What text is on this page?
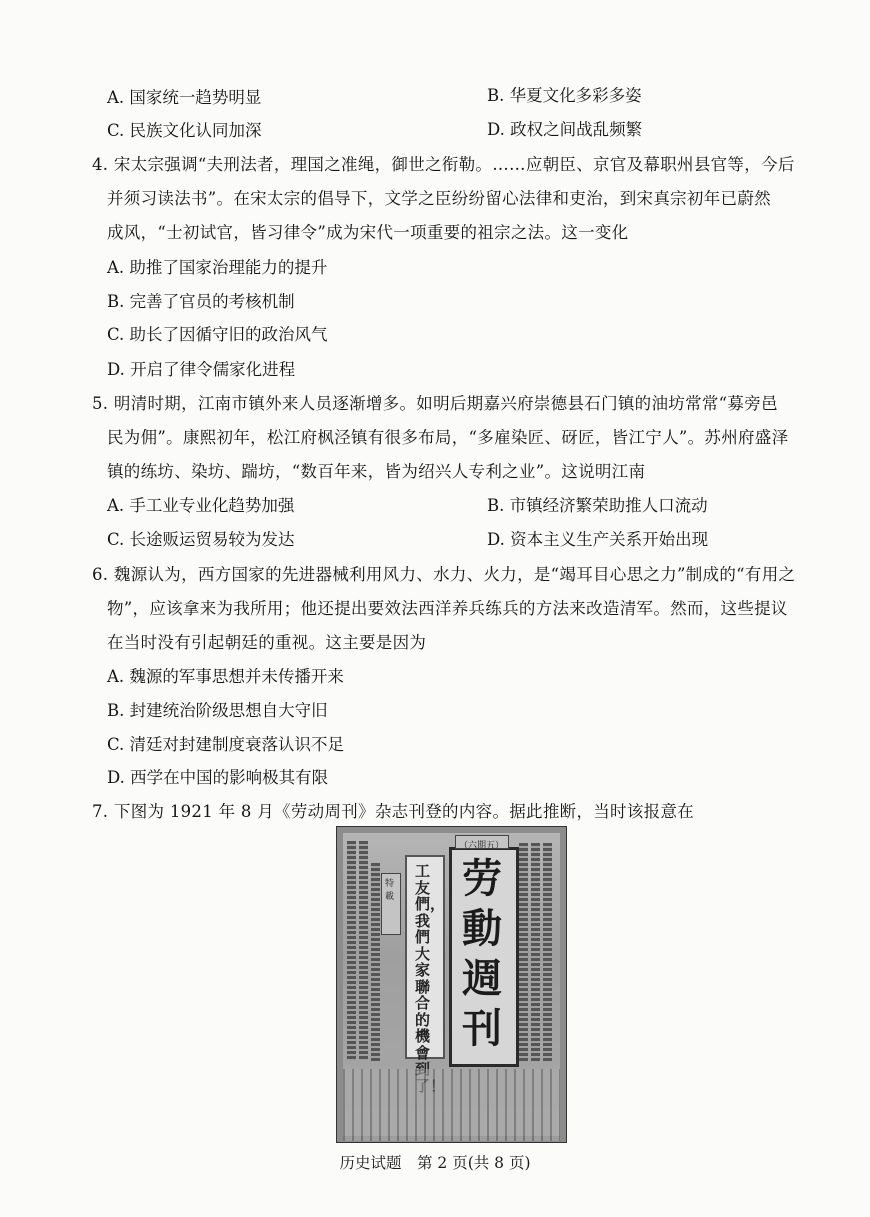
A. 国家统一趋势明显	B. 华夏文化多彩多姿
C. 民族文化认同加深	D. 政权之间战乱频繁
4. 宋太宗强调“夫刑法者，理国之准绳，御世之衔勒。……应朝臣、京官及幕职州县官等，今后
并须习读法书”。在宋太宗的倡导下，文学之臣纷纷留心法律和吏治，到宋真宗初年已蔚然
成风，“士初试官，皆习律令”成为宋代一项重要的祖宗之法。这一变化
A. 助推了国家治理能力的提升
B. 完善了官员的考核机制
C. 助长了因循守旧的政治风气
D. 开启了律令儒家化进程
5. 明清时期，江南市镇外来人员逐渐增多。如明后期嘉兴府崇德县石门镇的油坊常常“募旁邑
民为佣”。康熙初年，松江府枫泾镇有很多布局，“多雇染匠、砑匠，皆江宁人”。苏州府盛泽
镇的练坊、染坊、踹坊，“数百年来，皆为绍兴人专利之业”。这说明江南
A. 手工业专业化趋势加强	B. 市镇经济繁荣助推人口流动
C. 长途贩运贸易较为发达	D. 资本主义生产关系开始出现
6. 魏源认为，西方国家的先进器械利用风力、水力、火力，是“竭耳目心思之力”制成的“有用之
物”，应该拿来为我所用；他还提出要效法西洋养兵练兵的方法来改造清军。然而，这些提议
在当时没有引起朝廷的重视。这主要是因为
A. 魏源的军事思想并未传播开来
B. 封建统治阶级思想自大守旧
C. 清廷对封建制度衰落认识不足
D. 西学在中国的影响极其有限
7. 下图为 1921 年 8 月《劳动周刊》杂志刊登的内容。据此推断，当时该报意在
特載
工友們，我們大家聯合的機會
劳動週刊
（六期五）
历史试题　第 2 页(共 8 页)
